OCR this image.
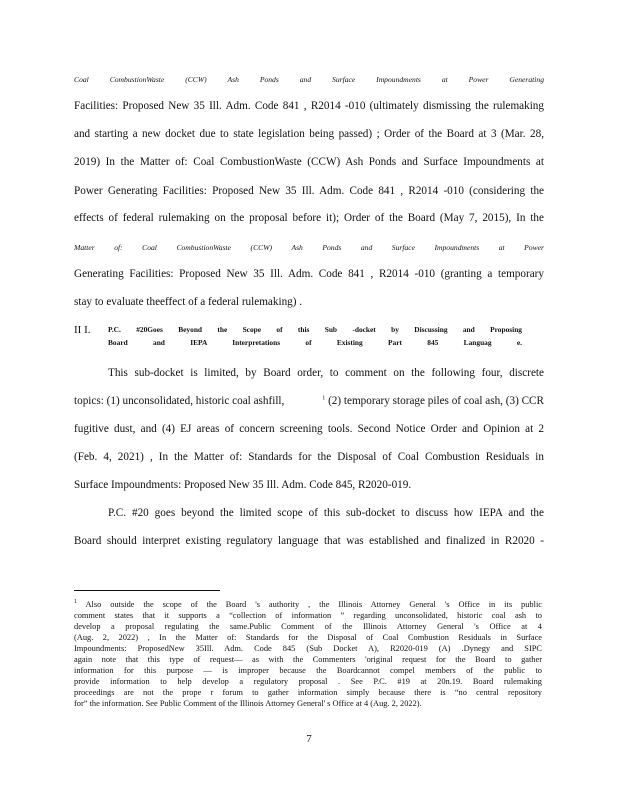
Coal CombustionWaste (CCW) Ash Ponds and Surface Impoundments at Power Generating
Facilities: Proposed New 35 Ill. Adm. Code 841 , R2014 -010 (ultimately dismissing the rulemaking
and starting a new docket due to state legislation being passed) ; Order of the Board at 3 (Mar. 28,
2019) In the Matter of: Coal CombustionWaste (CCW) Ash Ponds and Surface Impoundments at
Power Generating Facilities: Proposed New 35 Ill. Adm. Code 841 , R2014 -010 (considering the
effects of federal rulemaking on the proposal before it); Order of the Board (May 7, 2015), In the
Matter of: Coal CombustionWaste (CCW) Ash Ponds and Surface Impoundments at Power
Generating Facilities: Proposed New 35 Ill. Adm. Code 841 , R2014 -010 (granting a temporary
stay to evaluate theeffect of a federal rulemaking) .
II I. P.C. #20Goes Beyond the Scope of this Sub -docket by Discussing and Proposing
Board and IEPA Interpretations of Existing Part 845 Languag e.
This sub-docket is limited, by Board order, to comment on the following four, discrete
topics: (1) unconsolidated, historic coal ashfill,	$^1$ (2) temporary storage piles of coal ash, (3) CCR
fugitive dust, and (4) EJ areas of concern screening tools. Second Notice Order and Opinion at 2
(Feb. 4, 2021) , In the Matter of: Standards for the Disposal of Coal Combustion Residuals in
Surface Impoundments: Proposed New 35 Ill. Adm. Code 845, R2020-019.
P.C. #20 goes beyond the limited scope of this sub-docket to discuss how IEPA and the
Board should interpret existing regulatory language that was established and finalized in R2020 -
$^1$ Also outside the scope of the Board 's authority , the Illinois Attorney General 's Office in its public
comment states that it supports a “collection of information ” regarding unconsolidated, historic coal ash to
develop a proposal regulating the same.Public Comment of the Illinois Attorney General 's Office at 4
(Aug. 2, 2022) , In the Matter of: Standards for the Disposal of Coal Combustion Residuals in Surface
Impoundments: ProposedNew 35Ill. Adm. Code 845 (Sub Docket A), R2020-019 (A) .Dynegy and SIPC
again note that this type of request— as with the Commenters 'original request for the Board to gather
information for this purpose — is improper because the Boardcannot compel members of the public to
provide information to help develop a regulatory proposal . See P.C. #19 at 20n.19. Board rulemaking
proceedings are not the prope r forum to gather information simply because there is “no central repository
for” the information. See Public Comment of the Illinois Attorney General' s Office at 4 (Aug. 2, 2022).
7
